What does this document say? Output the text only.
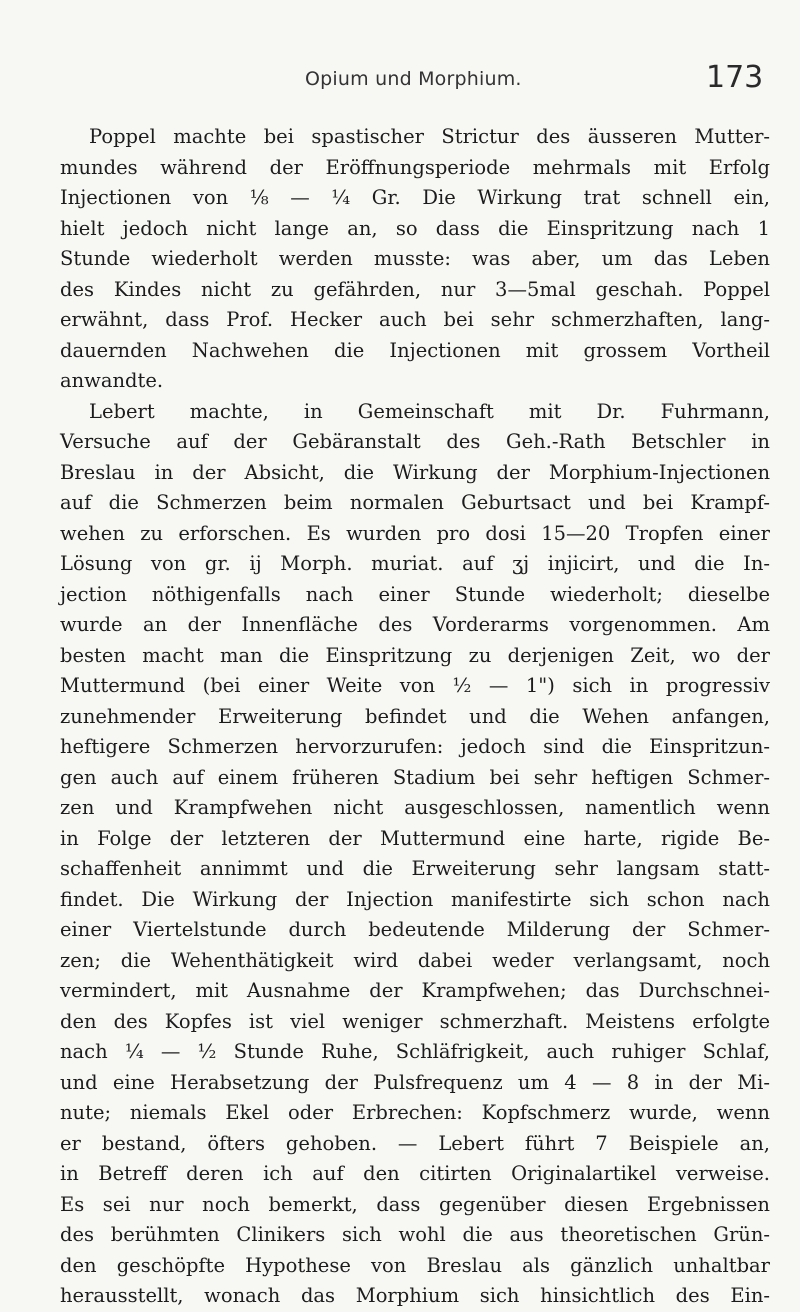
Opium und Morphium.	173
Poppel machte bei spastischer Strictur des äusseren Mutter-
mundes während der Eröffnungsperiode mehrmals mit Erfolg
Injectionen von ⅛ — ¼ Gr. Die Wirkung trat schnell ein,
hielt jedoch nicht lange an, so dass die Einspritzung nach 1
Stunde wiederholt werden musste: was aber, um das Leben
des Kindes nicht zu gefährden, nur 3—5mal geschah. Poppel
erwähnt, dass Prof. Hecker auch bei sehr schmerzhaften, lang-
dauernden Nachwehen die Injectionen mit grossem Vortheil
anwandte.
Lebert machte, in Gemeinschaft mit Dr. Fuhrmann,
Versuche auf der Gebäranstalt des Geh.-Rath Betschler in
Breslau in der Absicht, die Wirkung der Morphium-Injectionen
auf die Schmerzen beim normalen Geburtsact und bei Krampf-
wehen zu erforschen. Es wurden pro dosi 15—20 Tropfen einer
Lösung von gr. ij Morph. muriat. auf ʒj injicirt, und die In-
jection nöthigenfalls nach einer Stunde wiederholt; dieselbe
wurde an der Innenfläche des Vorderarms vorgenommen. Am
besten macht man die Einspritzung zu derjenigen Zeit, wo der
Muttermund (bei einer Weite von ½ — 1") sich in progressiv
zunehmender Erweiterung befindet und die Wehen anfangen,
heftigere Schmerzen hervorzurufen: jedoch sind die Einspritzun-
gen auch auf einem früheren Stadium bei sehr heftigen Schmer-
zen und Krampfwehen nicht ausgeschlossen, namentlich wenn
in Folge der letzteren der Muttermund eine harte, rigide Be-
schaffenheit annimmt und die Erweiterung sehr langsam statt-
findet. Die Wirkung der Injection manifestirte sich schon nach
einer Viertelstunde durch bedeutende Milderung der Schmer-
zen; die Wehenthätigkeit wird dabei weder verlangsamt, noch
vermindert, mit Ausnahme der Krampfwehen; das Durchschnei-
den des Kopfes ist viel weniger schmerzhaft. Meistens erfolgte
nach ¼ — ½ Stunde Ruhe, Schläfrigkeit, auch ruhiger Schlaf,
und eine Herabsetzung der Pulsfrequenz um 4 — 8 in der Mi-
nute; niemals Ekel oder Erbrechen: Kopfschmerz wurde, wenn
er bestand, öfters gehoben. — Lebert führt 7 Beispiele an,
in Betreff deren ich auf den citirten Originalartikel verweise.
Es sei nur noch bemerkt, dass gegenüber diesen Ergebnissen
des berühmten Clinikers sich wohl die aus theoretischen Grün-
den geschöpfte Hypothese von Breslau als gänzlich unhaltbar
herausstellt, wonach das Morphium sich hinsichtlich des Ein-
